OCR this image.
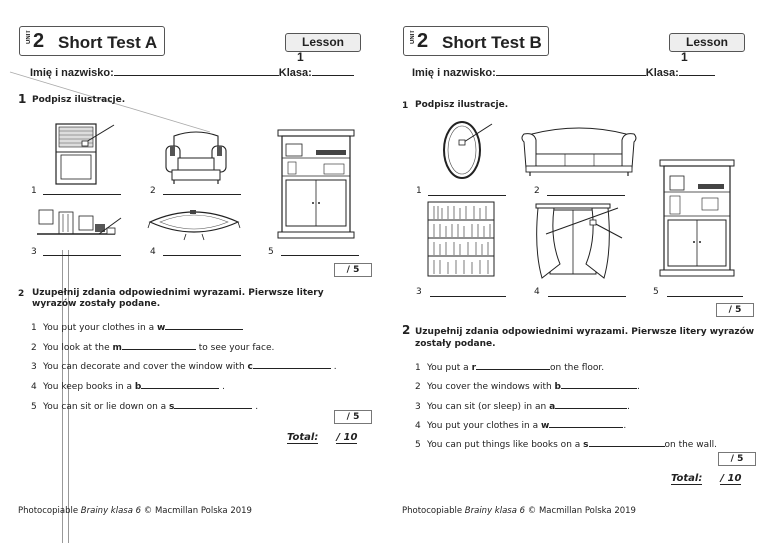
UNIT2 Short Test A	Lesson
1
Imię i nazwisko:	Klasa:
1 Podpisz ilustracje.
1	2
3	4	5
/ 5
2 Uzupełnij zdania odpowiednimi wyrazami. Pierwsze litery
wyrazów zostały podane.
1 You put your clothes in a w
2 You look at the m	to see your face.
3 You can decorate and cover the window with c	.
4 You keep books in a b	.
5 You can sit or lie down on a s	.
/ 5
Total: / 10
Photocopiable Brainy klasa 6 © Macmillan Polska 2019
UNIT2 Short Test B	Lesson
1
Imię i nazwisko:	Klasa:
1 Podpisz ilustracje.
1	2
3	4	5
/ 5
2 Uzupełnij zdania odpowiednimi wyrazami. Pierwsze litery wyrazów
zostały podane.
1 You put a r	on the floor.
2 You cover the windows with b	.
3 You can sit (or sleep) in an a	.
4 You put your clothes in a w	.
5 You can put things like books on a s	on the wall.
/ 5
Total: / 10
Photocopiable Brainy klasa 6 © Macmillan Polska 2019
